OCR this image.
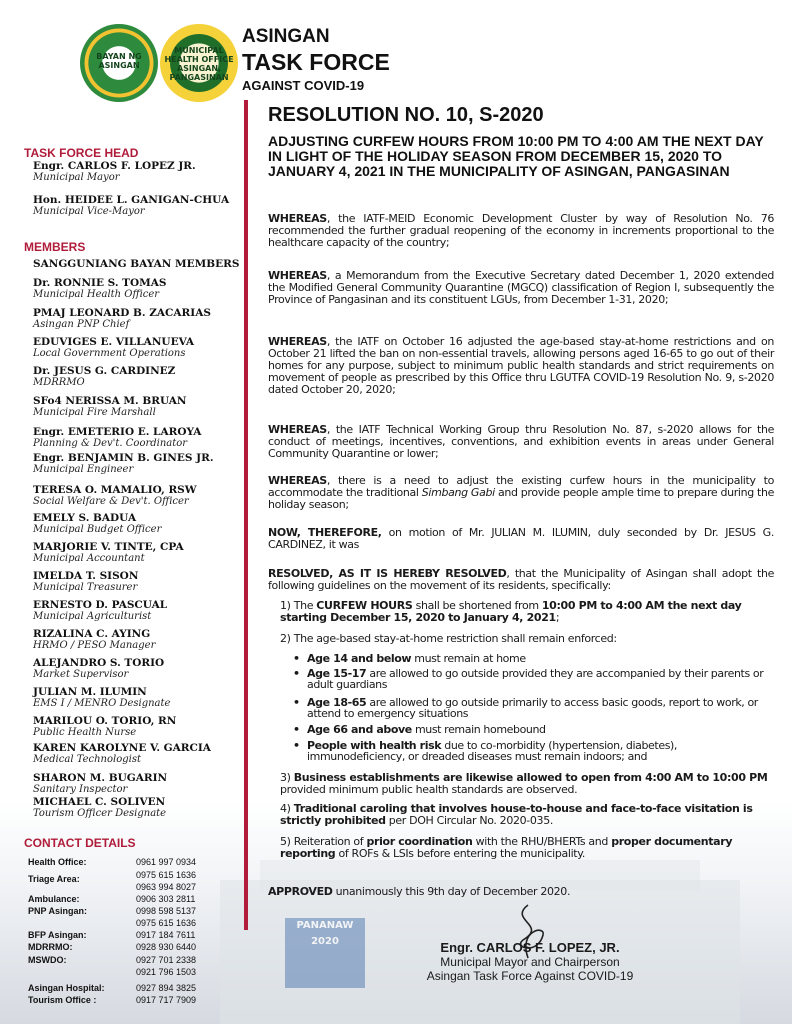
PANANAW
2020
BAYAN NG ASINGAN
MUNICIPAL HEALTH OFFICE ASINGAN, PANGASINAN
ASINGAN
TASK FORCE
AGAINST COVID-19
TASK FORCE HEAD
Engr. CARLOS F. LOPEZ JR.
Municipal Mayor
Hon. HEIDEE L. GANIGAN-CHUA
Municipal Vice-Mayor
MEMBERS
SANGGUNIANG BAYAN MEMBERS
Dr. RONNIE S. TOMAS
Municipal Health Officer
PMAJ LEONARD B. ZACARIAS
Asingan PNP Chief
EDUVIGES E. VILLANUEVA
Local Government Operations
Dr. JESUS G. CARDINEZ
MDRRMO
SFo4 NERISSA M. BRUAN
Municipal Fire Marshall
Engr. EMETERIO E. LAROYA
Planning & Dev't. Coordinator
Engr. BENJAMIN B. GINES JR.
Municipal Engineer
TERESA O. MAMALIO, RSW
Social Welfare & Dev't. Officer
EMELY S. BADUA
Municipal Budget Officer
MARJORIE V. TINTE, CPA
Municipal Accountant
IMELDA T. SISON
Municipal Treasurer
ERNESTO D. PASCUAL
Municipal Agriculturist
RIZALINA C. AYING
HRMO / PESO Manager
ALEJANDRO S. TORIO
Market Supervisor
JULIAN M. ILUMIN
EMS I / MENRO Designate
MARILOU O. TORIO, RN
Public Health Nurse
KAREN KAROLYNE V. GARCIA
Medical Technologist
SHARON M. BUGARIN
Sanitary Inspector
MICHAEL C. SOLIVEN
Tourism Officer Designate
CONTACT DETAILS
Health Office:	0961 997 0934
Triage Area:	0975 615 1636
0963 994 8027
Ambulance:	0906 303 2811
PNP Asingan:	0998 598 5137
0975 615 1636
BFP Asingan:	0917 184 7611
MDRRMO:	0928 930 6440
MSWDO:	0927 701 2338
0921 796 1503
Asingan Hospital:	0927 894 3825
Tourism Office :	0917 717 7909
RESOLUTION NO. 10, S-2020
ADJUSTING CURFEW HOURS FROM 10:00 PM TO 4:00 AM THE NEXT DAY IN LIGHT OF THE HOLIDAY SEASON FROM DECEMBER 15, 2020 TO JANUARY 4, 2021 IN THE MUNICIPALITY OF ASINGAN, PANGASINAN
WHEREAS, the IATF-MEID Economic Development Cluster by way of Resolution No. 76 recommended the further gradual reopening of the economy in increments proportional to the healthcare capacity of the country;
WHEREAS, a Memorandum from the Executive Secretary dated December 1, 2020 extended the Modified General Community Quarantine (MGCQ) classification of Region I, subsequently the Province of Pangasinan and its constituent LGUs, from December 1-31, 2020;
WHEREAS, the IATF on October 16 adjusted the age-based stay-at-home restrictions and on October 21 lifted the ban on non-essential travels, allowing persons aged 16-65 to go out of their homes for any purpose, subject to minimum public health standards and strict requirements on movement of people as prescribed by this Office thru LGUTFA COVID-19 Resolution No. 9, s-2020 dated October 20, 2020;
WHEREAS, the IATF Technical Working Group thru Resolution No. 87, s-2020 allows for the conduct of meetings, incentives, conventions, and exhibition events in areas under General Community Quarantine or lower;
WHEREAS, there is a need to adjust the existing curfew hours in the municipality to accommodate the traditional Simbang Gabi and provide people ample time to prepare during the holiday season;
NOW, THEREFORE, on motion of Mr. JULIAN M. ILUMIN, duly seconded by Dr. JESUS G. CARDINEZ, it was
RESOLVED, AS IT IS HEREBY RESOLVED, that the Municipality of Asingan shall adopt the following guidelines on the movement of its residents, specifically:
1) The CURFEW HOURS shall be shortened from 10:00 PM to 4:00 AM the next day starting December 15, 2020 to January 4, 2021;
2) The age-based stay-at-home restriction shall remain enforced:
• Age 14 and below must remain at home
• Age 15-17 are allowed to go outside provided they are accompanied by their parents or adult guardians
• Age 18-65 are allowed to go outside primarily to access basic goods, report to work, or attend to emergency situations
• Age 66 and above must remain homebound
• People with health risk due to co-morbidity (hypertension, diabetes), immunodeficiency, or dreaded diseases must remain indoors; and
3) Business establishments are likewise allowed to open from 4:00 AM to 10:00 PM provided minimum public health standards are observed.
4) Traditional caroling that involves house-to-house and face-to-face visitation is strictly prohibited per DOH Circular No. 2020-035.
5) Reiteration of prior coordination with the RHU/BHERTs and proper documentary reporting of ROFs & LSIs before entering the municipality.
APPROVED unanimously this 9th day of December 2020.
Engr. CARLOS F. LOPEZ, JR.
Municipal Mayor and Chairperson
Asingan Task Force Against COVID-19
